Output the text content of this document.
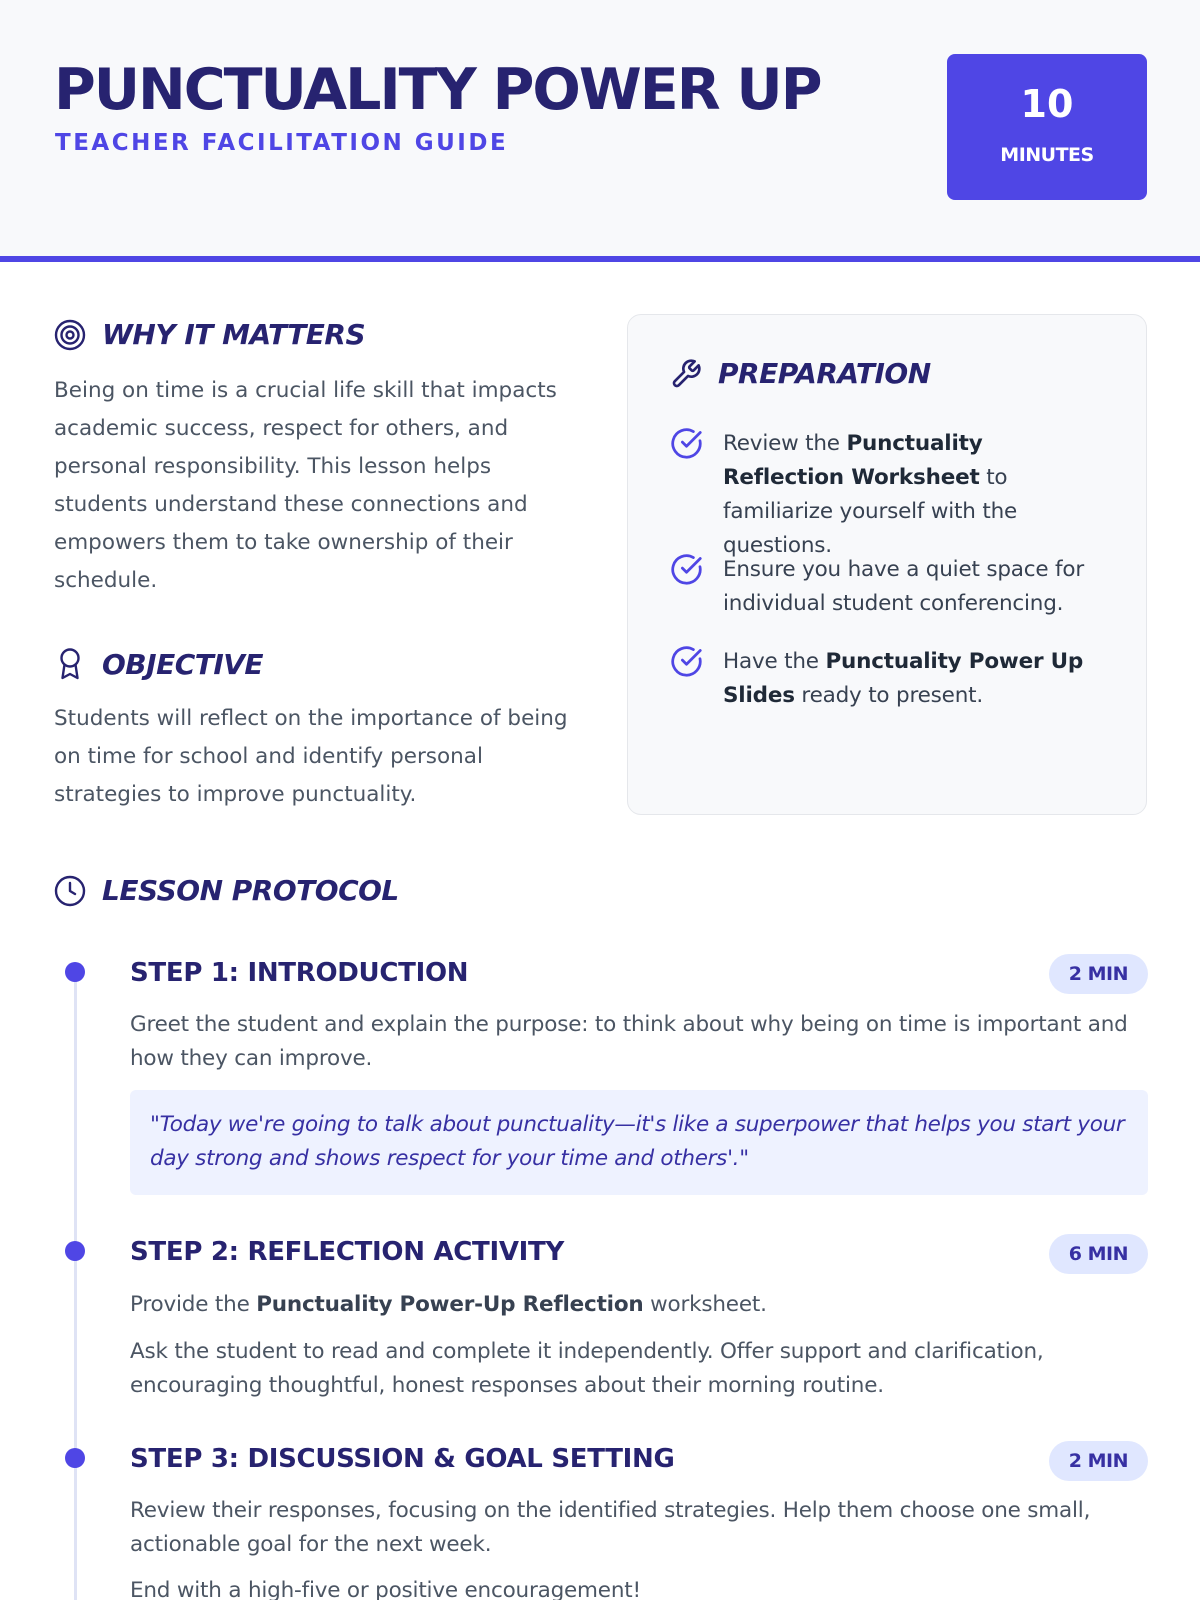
PUNCTUALITY POWER UP
TEACHER FACILITATION GUIDE
10
MINUTES
WHY IT MATTERS
Being on time is a crucial life skill that impacts academic success, respect for others, and personal responsibility. This lesson helps students understand these connections and empowers them to take ownership of their schedule.
OBJECTIVE
Students will reflect on the importance of being on time for school and identify personal strategies to improve punctuality.
PREPARATION
Review the Punctuality Reflection Worksheet to familiarize yourself with the questions.
Ensure you have a quiet space for individual student conferencing.
Have the Punctuality Power Up Slides ready to present.
LESSON PROTOCOL
STEP 1: INTRODUCTION	2 MIN
Greet the student and explain the purpose: to think about why being on time is important and how they can improve.
"Today we're going to talk about punctuality—it's like a superpower that helps you start your day strong and shows respect for your time and others'."
STEP 2: REFLECTION ACTIVITY	6 MIN
Provide the Punctuality Power-Up Reflection worksheet.
Ask the student to read and complete it independently. Offer support and clarification, encouraging thoughtful, honest responses about their morning routine.
STEP 3: DISCUSSION & GOAL SETTING	2 MIN
Review their responses, focusing on the identified strategies. Help them choose one small, actionable goal for the next week.
End with a high-five or positive encouragement!
